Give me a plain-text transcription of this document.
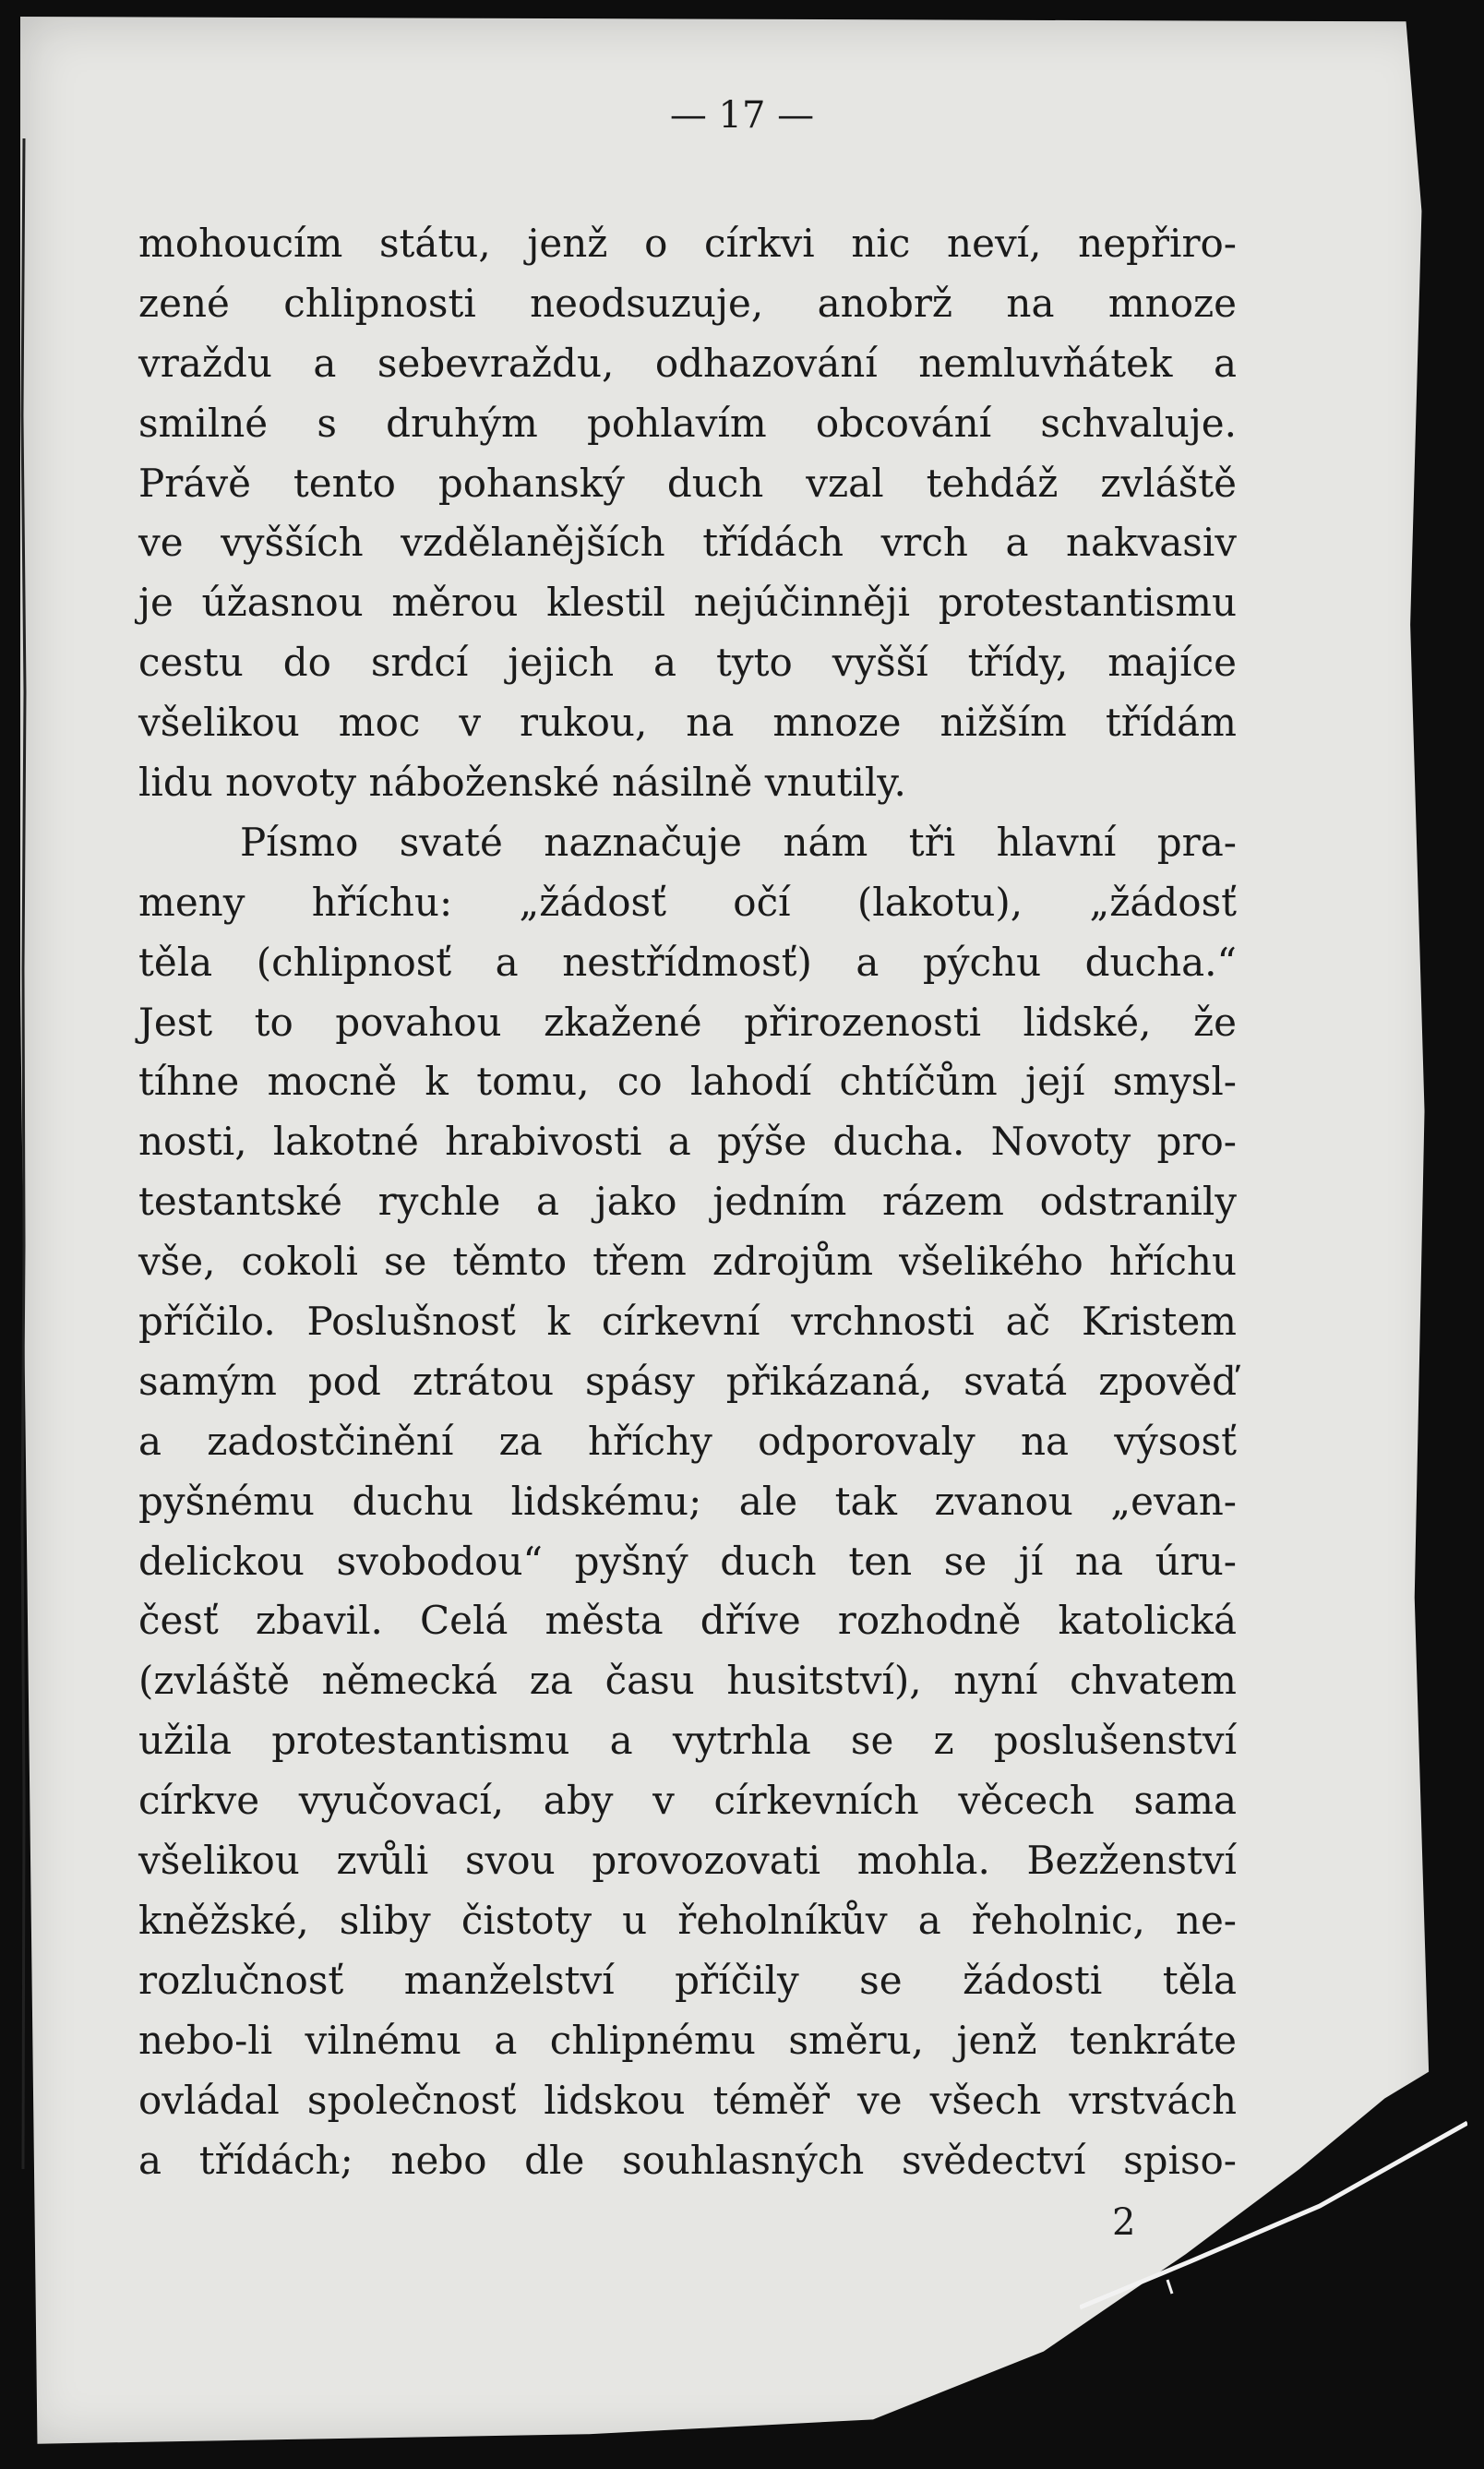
— 17 —
mohoucím státu, jenž o církvi nic neví, nepřiro-
zené chlipnosti neodsuzuje, anobrž na mnoze
vraždu a sebevraždu, odhazování nemluvňátek a
smilné s druhým pohlavím obcování schvaluje.
Právě tento pohanský duch vzal tehdáž zvláště
ve vyšších vzdělanějších třídách vrch a nakvasiv
je úžasnou měrou klestil nejúčinněji protestantismu
cestu do srdcí jejich a tyto vyšší třídy, majíce
všelikou moc v rukou, na mnoze nižším třídám
lidu novoty náboženské násilně vnutily.
Písmo svaté naznačuje nám tři hlavní pra-
meny hříchu: „žádosť očí (lakotu), „žádosť
těla (chlipnosť a nestřídmosť) a pýchu ducha.“
Jest to povahou zkažené přirozenosti lidské, že
tíhne mocně k tomu, co lahodí chtíčům její smysl-
nosti, lakotné hrabivosti a pýše ducha. Novoty pro-
testantské rychle a jako jedním rázem odstranily
vše, cokoli se těmto třem zdrojům všelikého hříchu
příčilo. Poslušnosť k církevní vrchnosti ač Kristem
samým pod ztrátou spásy přikázaná, svatá zpověď
a zadostčinění za hříchy odporovaly na výsosť
pyšnému duchu lidskému; ale tak zvanou „evan-
delickou svobodou“ pyšný duch ten se jí na úru-
česť zbavil. Celá města dříve rozhodně katolická
(zvláště německá za času husitství), nyní chvatem
užila protestantismu a vytrhla se z poslušenství
církve vyučovací, aby v církevních věcech sama
všelikou zvůli svou provozovati mohla. Bezženství
kněžské, sliby čistoty u řeholníkův a řeholnic, ne-
rozlučnosť manželství příčily se žádosti těla
nebo-li vilnému a chlipnému směru, jenž tenkráte
ovládal společnosť lidskou téměř ve všech vrstvách
a třídách; nebo dle souhlasných svědectví spiso-
2
